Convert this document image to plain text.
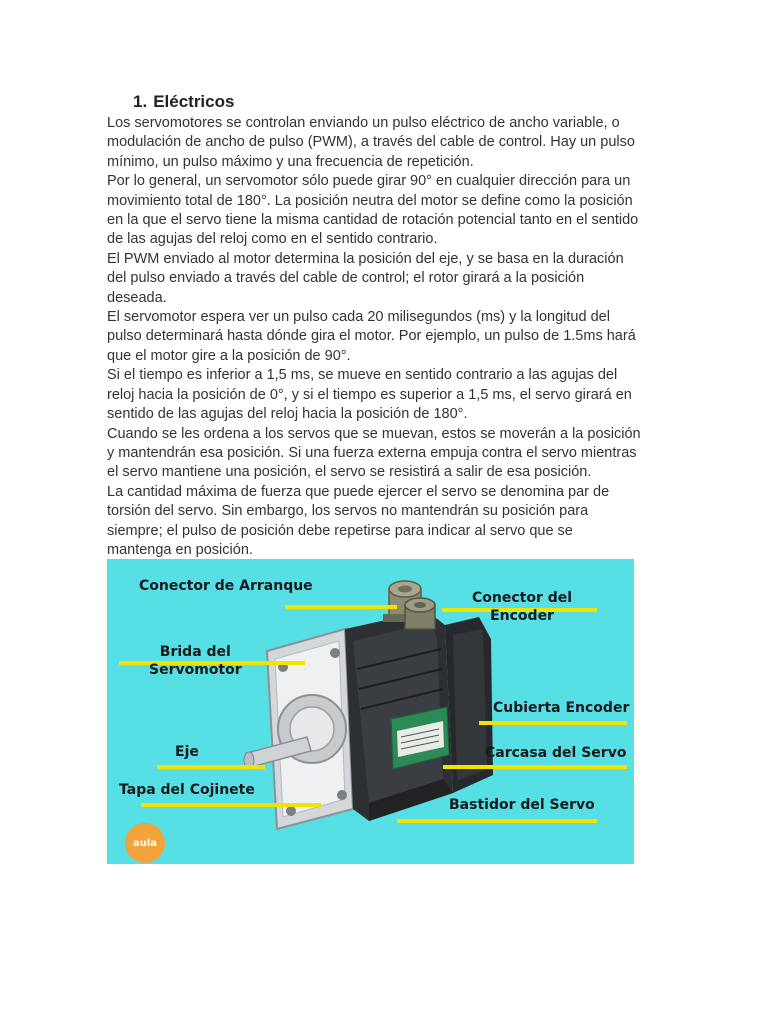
1. Eléctricos

Los servomotores se controlan enviando un pulso eléctrico de ancho variable, o
modulación de ancho de pulso (PWM), a través del cable de control. Hay un pulso
mínimo, un pulso máximo y una frecuencia de repetición.

Por lo general, un servomotor sólo puede girar 90° en cualquier dirección para un
movimiento total de 180°. La posición neutra del motor se define como la posición
en la que el servo tiene la misma cantidad de rotación potencial tanto en el sentido
de las agujas del reloj como en el sentido contrario.

El PWM enviado al motor determina la posición del eje, y se basa en la duración
del pulso enviado a través del cable de control; el rotor girará a la posición
deseada.

El servomotor espera ver un pulso cada 20 milisegundos (ms) y la longitud del
pulso determinará hasta dónde gira el motor. Por ejemplo, un pulso de 1.5ms hará
que el motor gire a la posición de 90°.

Si el tiempo es inferior a 1,5 ms, se mueve en sentido contrario a las agujas del
reloj hacia la posición de 0°, y si el tiempo es superior a 1,5 ms, el servo girará en
sentido de las agujas del reloj hacia la posición de 180°.

Cuando se les ordena a los servos que se muevan, estos se moverán a la posición
y mantendrán esa posición. Si una fuerza externa empuja contra el servo mientras
el servo mantiene una posición, el servo se resistirá a salir de esa posición.

La cantidad máxima de fuerza que puede ejercer el servo se denomina par de
torsión del servo. Sin embargo, los servos no mantendrán su posición para
siempre; el pulso de posición debe repetirse para indicar al servo que se
mantenga en posición.

Conector de Arranque
Conector del
Encoder
Brida del
Servomotor
Cubierta Encoder
Eje	Carcasa del Servo
Tapa del Cojinete
Bastidor del Servo
aula
